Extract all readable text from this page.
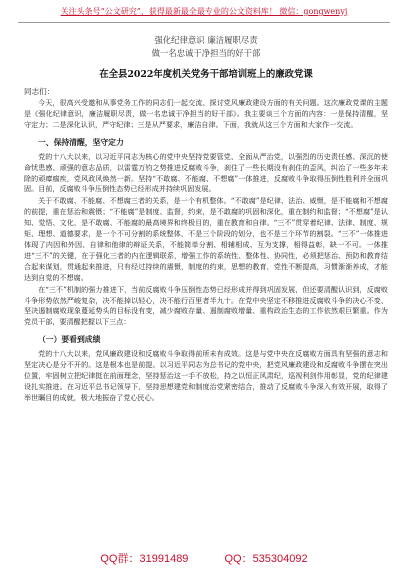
关注头条号“公文研究”，获得最新最全最专业的公文资料库！ 微信：gongwenyj

强化纪律意识 廉洁履职尽责

做一名忠诚干净担当的好干部

在全县2022年度机关党务干部培训班上的廉政党课
同志们：

今天，很高兴受邀和从事党务工作的同志们一起交流、探讨党风廉政建设方面的有关问题。这次廉政党课的主题是《强化纪律意识，廉洁履职尽责，做一名忠诚干净担当的好干部》。我主要谈三个方面的内容：一是保持清醒，坚守定力；二是深化认识，严守纪律；三是从严要求，廉洁自律。下面，我就从这三个方面和大家作一交流。

一、保持清醒，坚守定力

党的十八大以来，以习近平同志为核心的党中央坚持党要管党、全面从严治党，以强烈的历史责任感、深沉的使命忧患感、顽强的意志品质，以雷霆万钧之势推进反腐败斗争，刹住了一些长期没有刹住的歪风，纠治了一些多年未除的顽瘴痼疾，党风政风焕然一新。坚持“不敢腐、不能腐、不想腐”一体推进，反腐败斗争取得压倒性胜利并全面巩固。目前，反腐败斗争压倒性态势已经形成并持续巩固发展。

关于不敢腐、不能腐、不想腐三者的关系，是一个有机整体。“不敢腐”是纪律、法治、威慑，是不能腐和不想腐的前提，重在惩治和震慑；“不能腐”是制度、监督，约束，是不敢腐的巩固和深化，重在制约和监督；“不想腐”是认知、觉悟、文化，是不敢腐、不能腐的最高境界和终极目的，重在教育和自律。“三不”贯穿着纪律、法律、制度、规矩、理想、道德要求，是一个不可分割的系统整体，不是三个阶段的划分，也不是三个环节的割裂。“三不”一体推进体现了内因和外因、自律和他律的辩证关系，不能简单分割、相辅相成、互为支撑，相得益彰，缺一不可。一体推进“三不”的关键，在于强化三者的内在逻辑联系，增强工作的系统性、整体性、协同性，必须把惩治、预防和教育结合起来谋划，贯通起来推进，只有经过持续的震慑，制度的约束，思想的教育，党性不断提高，习惯渐渐养成，才能达到自觉的不想腐。

在“三不”机制的强力推进下，当前反腐败斗争压倒性态势已经形成并得到巩固发展，但还要清醒认识到，反腐败斗争形势依然严峻复杂，决不能掉以轻心，决不能行百里者半九十。在党中央坚定不移推进反腐败斗争的决心不变、坚决遏制腐败现象蔓延势头的目标没有变，减少腐败存量、遏制腐败增量、重构政治生态的工作依然艰巨繁重。作为党员干部，要清醒把握以下三点：

（一）要看到成绩

党的十八大以来，党风廉政建设和反腐败斗争取得前所未有成效。这是与党中央在反腐败方面具有坚强的意志和坚定决心是分不开的。这是根本也是前提。以习近平同志为总书记的党中央，把党风廉政建设和反腐败斗争摆在突出位置，牢固树立把纪律挺在前面理念，坚持惩治这一手不放松，持之以恒正风肃纪，巡视利剑作用彰显，党的纪律建设扎实推进。在习近平总书记领导下，坚持思想建党和制度治党紧密结合，推动了反腐败斗争深入有效开展，取得了举世瞩目的成就，极大地振奋了党心民心。

QQ群：31991489	QQ：535304092
